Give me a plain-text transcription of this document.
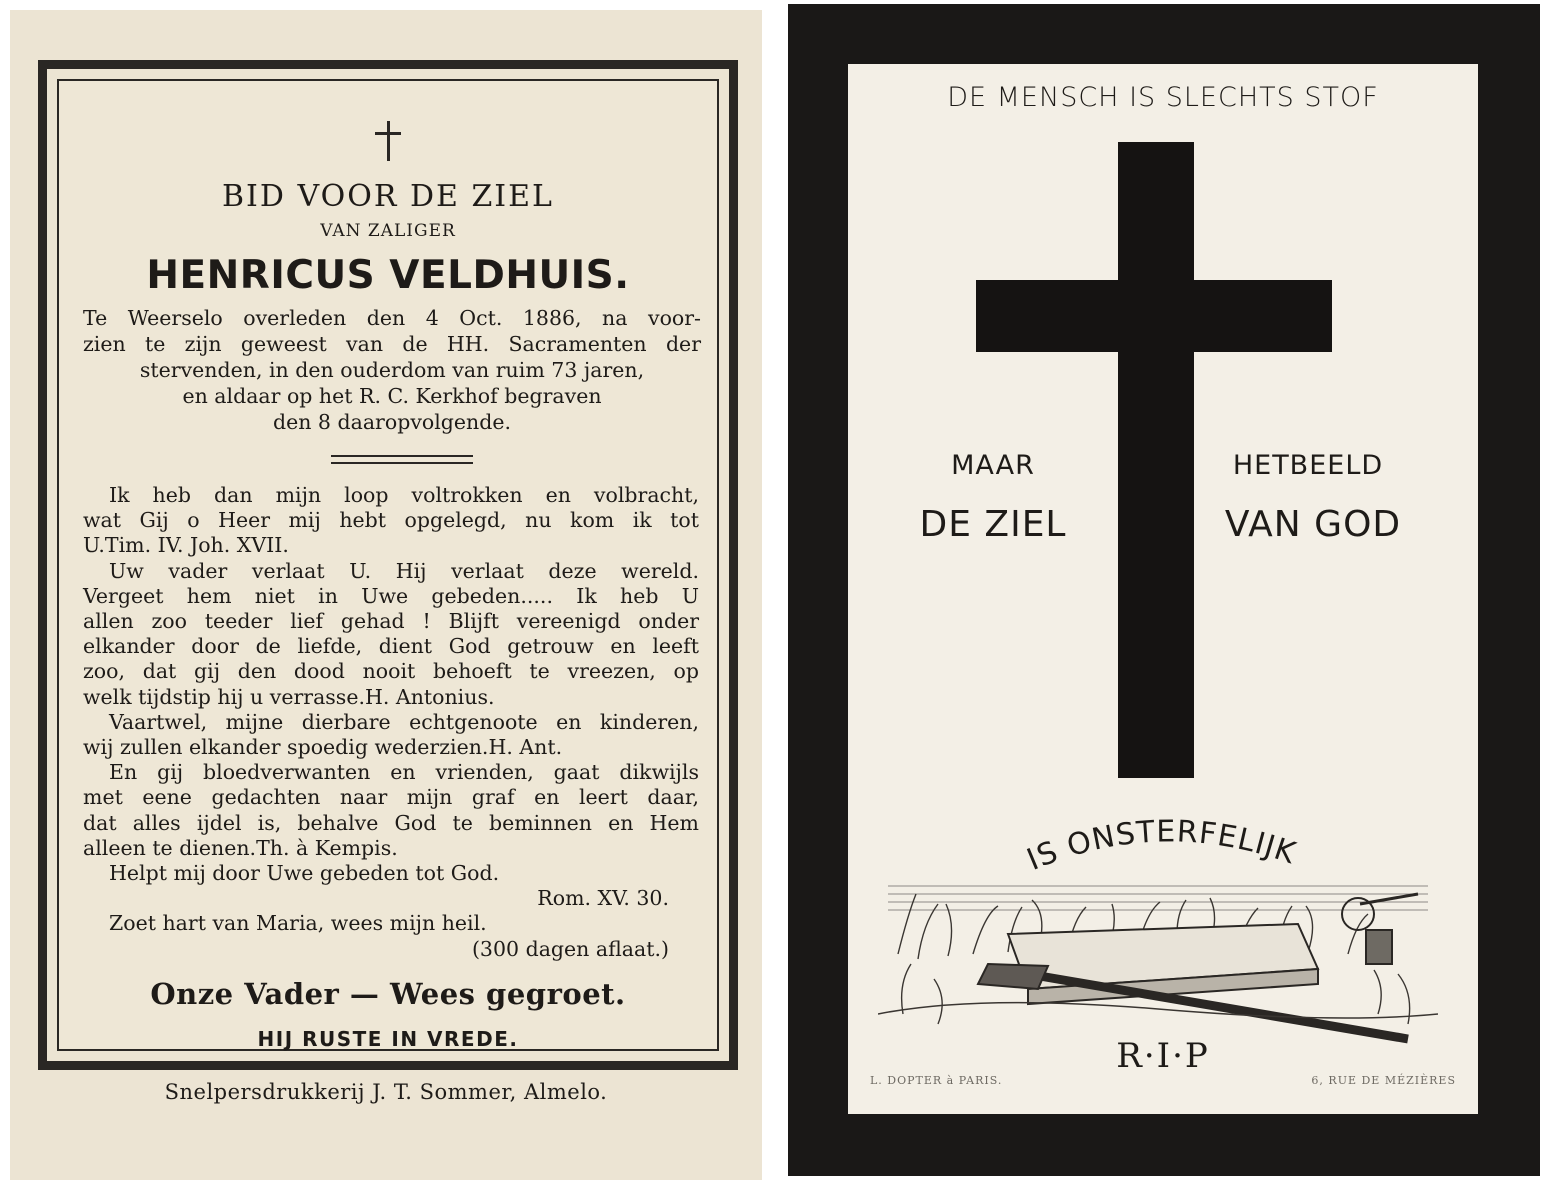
BID VOOR DE ZIEL
VAN ZALIGER
HENRICUS VELDHUIS.
Te Weerselo overleden den 4 Oct. 1886, na voor-
zien te zijn geweest van de HH. Sacramenten der
stervenden, in den ouderdom van ruim 73 jaren,
en aldaar op het R. C. Kerkhof begraven
den 8 daaropvolgende.
Ik heb dan mijn loop voltrokken en volbracht,
wat Gij o Heer mij hebt opgelegd, nu kom ik tot
U.Tim. IV. Joh. XVII.
Uw vader verlaat U. Hij verlaat deze wereld.
Vergeet hem niet in Uwe gebeden..... Ik heb U
allen zoo teeder lief gehad ! Blijft vereenigd onder
elkander door de liefde, dient God getrouw en leeft
zoo, dat gij den dood nooit behoeft te vreezen, op
welk tijdstip hij u verrasse.H. Antonius.
Vaartwel, mijne dierbare echtgenoote en kinderen,
wij zullen elkander spoedig wederzien.H. Ant.
En gij bloedverwanten en vrienden, gaat dikwijls
met eene gedachten naar mijn graf en leert daar,
dat alles ijdel is, behalve God te beminnen en Hem
alleen te dienen.Th. à Kempis.
Helpt mij door Uwe gebeden tot God.
Rom. XV. 30.
Zoet hart van Maria, wees mijn heil.
(300 dagen aflaat.)
Onze Vader — Wees gegroet.
HIJ RUSTE IN VREDE.
Snelpersdrukkerij J. T. Sommer, Almelo.
DE MENSCH IS SLECHTS STOF
MAAR
DE ZIEL
HETBEELD
VAN GOD
IS ONSTERFELIJK
R·I·P
L. DOPTER à PARIS.	6, RUE DE MÉZIÈRES
